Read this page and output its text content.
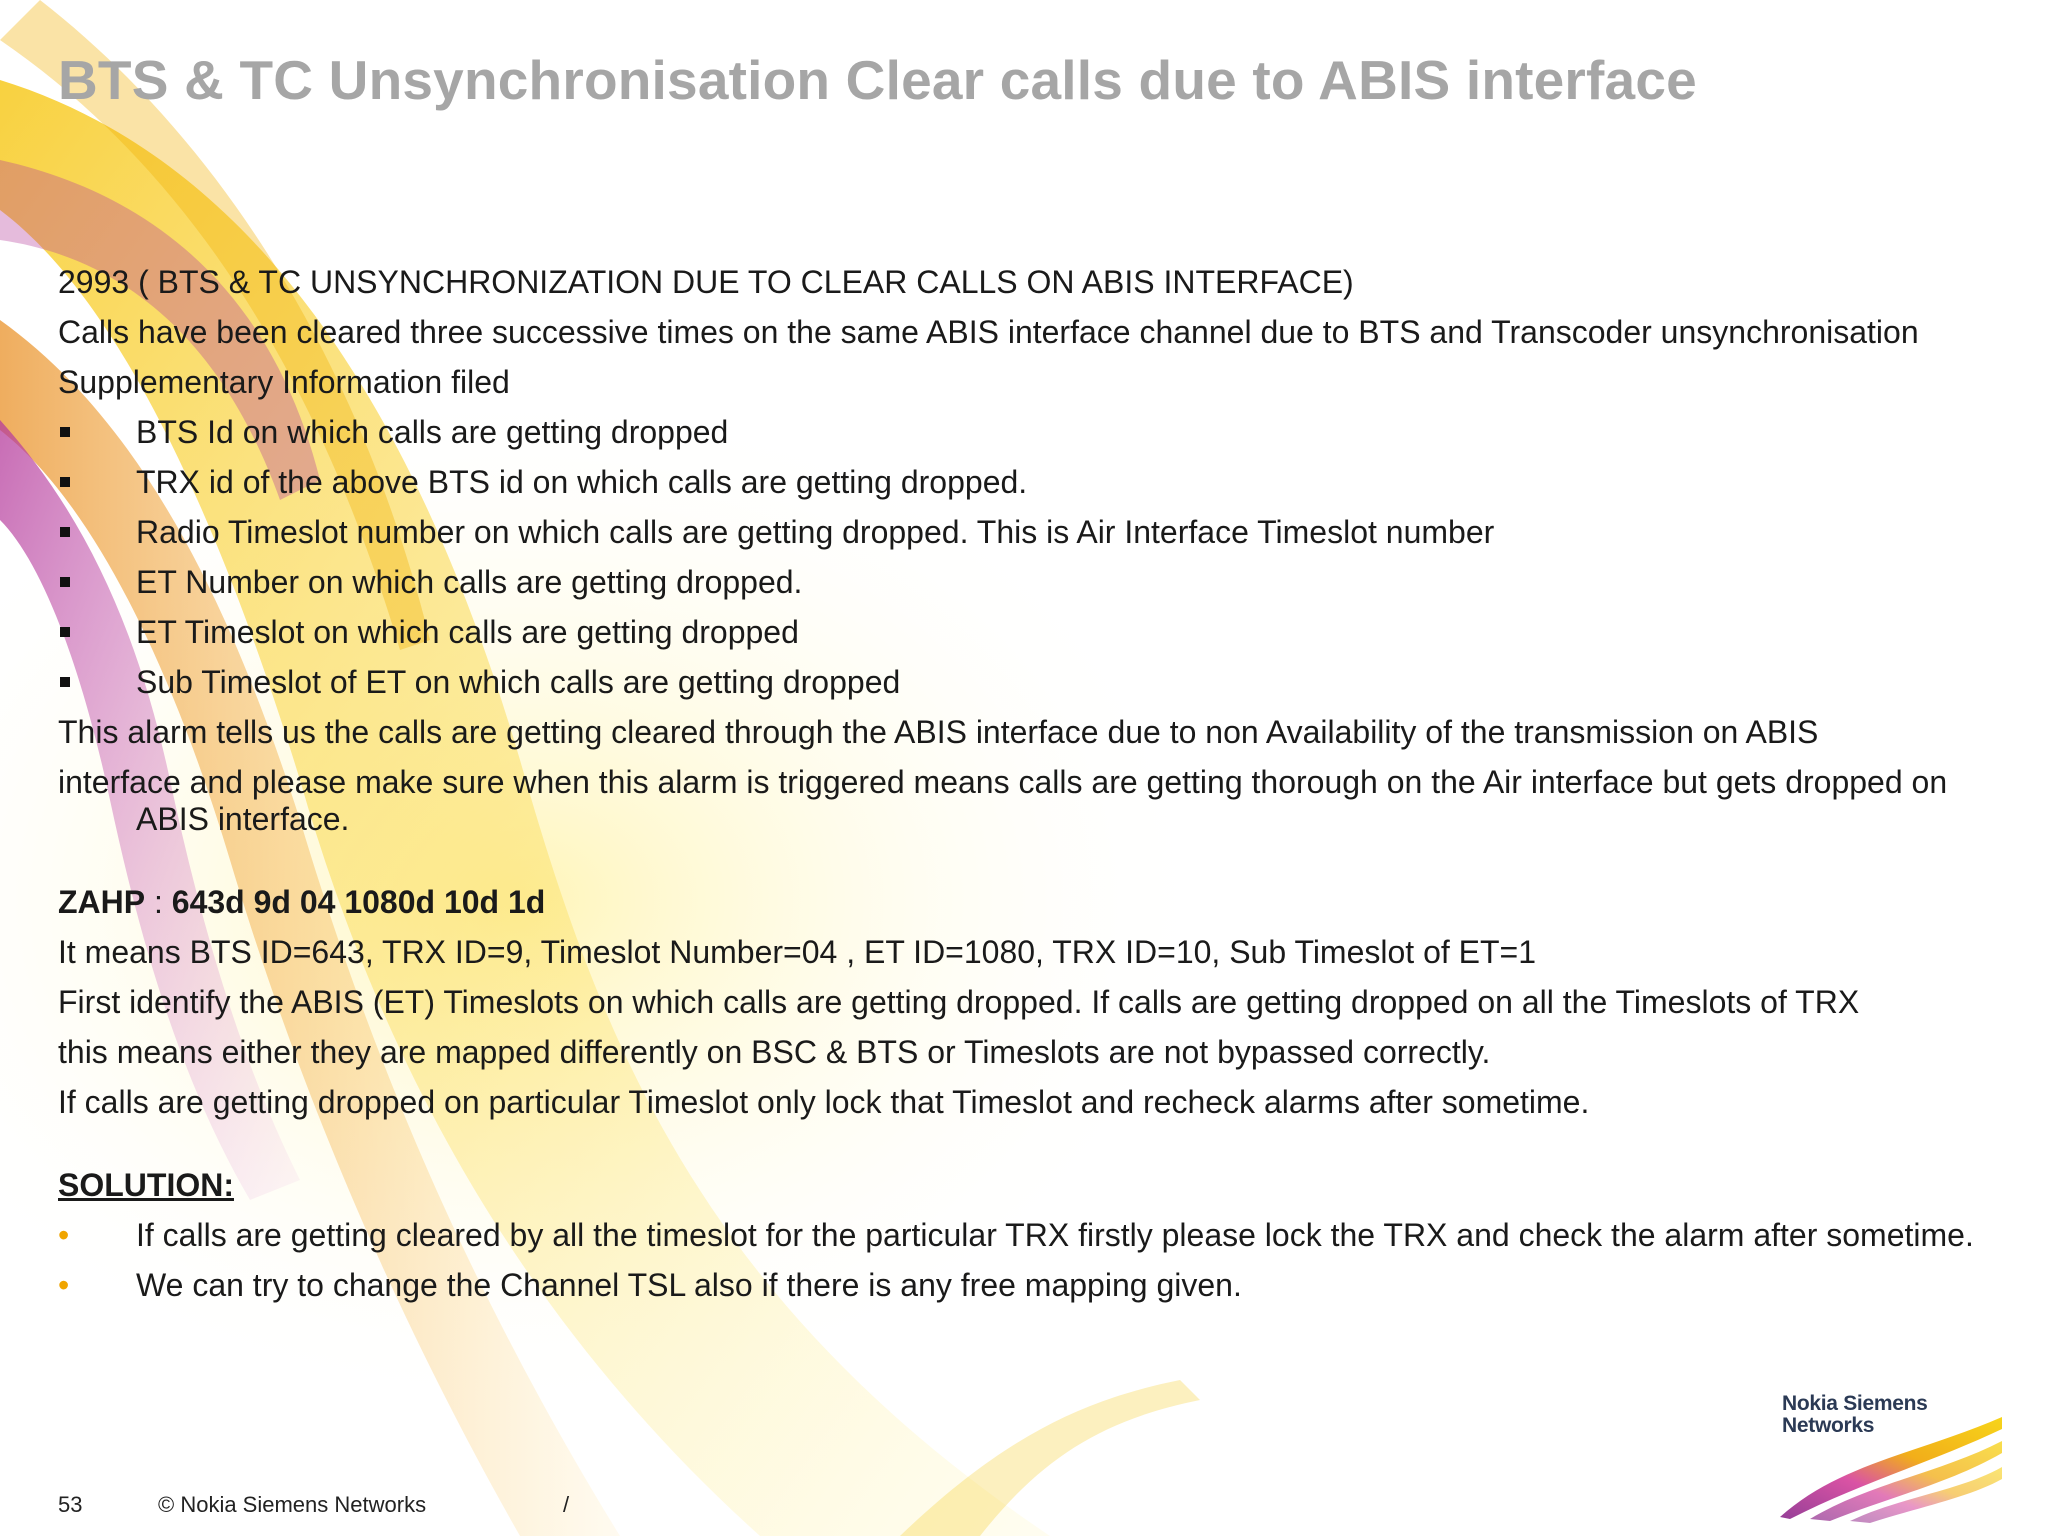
BTS & TC Unsynchronisation Clear calls due to ABIS interface

2993 ( BTS & TC UNSYNCHRONIZATION DUE TO CLEAR CALLS ON ABIS INTERFACE)

Calls have been cleared three successive times on the same ABIS interface channel due to BTS and Transcoder unsynchronisation

Supplementary Information filed

BTS Id on which calls are getting dropped
TRX id of the above BTS id on which calls are getting dropped.
Radio Timeslot number on which calls are getting dropped. This is Air Interface Timeslot number
ET Number on which calls are getting dropped.
ET Timeslot on which calls are getting dropped
Sub Timeslot of ET on which calls are getting dropped

This alarm tells us the calls are getting cleared through the ABIS interface due to non Availability of the transmission on ABIS

interface and please make sure when this alarm is triggered means calls are getting thorough on the Air interface but gets dropped on ABIS interface.

ZAHP : 643d 9d 04 1080d 10d 1d

It means BTS ID=643, TRX ID=9, Timeslot Number=04 , ET ID=1080, TRX ID=10, Sub Timeslot of ET=1

First identify the ABIS (ET) Timeslots on which calls are getting dropped. If calls are getting dropped on all the Timeslots of TRX

this means either they are mapped differently on BSC & BTS or Timeslots are not bypassed correctly.

If calls are getting dropped on particular Timeslot only lock that Timeslot and recheck alarms after sometime.

SOLUTION:

• If calls are getting cleared by all the timeslot for the particular TRX firstly please lock the TRX and check the alarm after sometime.
• We can try to change the Channel TSL also if there is any free mapping given.
53	© Nokia Siemens Networks	/
Nokia Siemens
Networks
